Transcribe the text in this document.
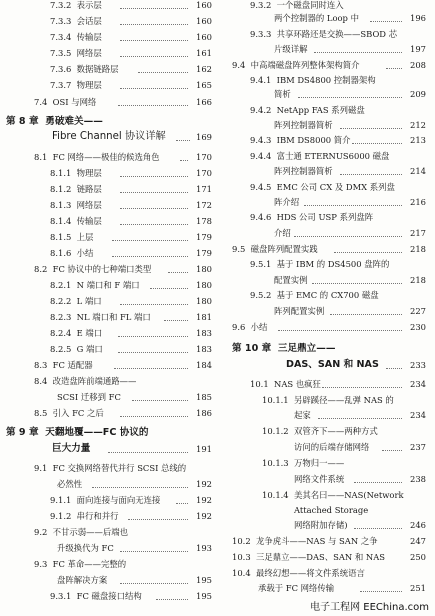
7.3.2 表示层	160
7.3.3 会话层	160
7.3.4 传输层	160
7.3.5 网络层	161
7.3.6 数据链路层	162
7.3.7 物理层	165
7.4 OSI 与网络	166
第 8 章 勇破难关——
Fibre Channel 协议详解	169
8.1 FC 网络——极佳的候选角色	170
8.1.1 物理层	170
8.1.2 链路层	171
8.1.3 网络层	172
8.1.4 传输层	178
8.1.5 上层	179
8.1.6 小结	179
8.2 FC 协议中的七种端口类型	180
8.2.1 N 端口和 F 端口	180
8.2.2 L 端口	180
8.2.3 NL 端口和 FL 端口	181
8.2.4 E 端口	183
8.2.5 G 端口	183
8.3 FC 适配器	184
8.4 改造盘阵前端通路——
SCSI 迁移到 FC	185
8.5 引入 FC 之后	186
第 9 章 天翻地覆——FC 协议的
巨大力量	191
9.1 FC 交换网络替代并行 SCSI 总线的
必然性	192
9.1.1 面向连接与面向无连接	192
9.1.2 串行和并行	192
9.2 不甘示弱——后端也
升级换代为 FC	193
9.3 FC 革命——完整的
盘阵解决方案	195
9.3.1 FC 磁盘接口结构	195
9.3.2 一个磁盘同时连入
两个控制器的 Loop 中	196
9.3.3 共享环路还是交换——SBOD 芯
片级详解	197
9.4 中高端磁盘阵列整体架构简介	208
9.4.1 IBM DS4800 控制器架构
简析	209
9.4.2 NetApp FAS 系列磁盘
阵列控制器简析	212
9.4.3 IBM DS8000 简介	213
9.4.4 富士通 ETERNUS6000 磁盘
阵列控制器简析	214
9.4.5 EMC 公司 CX 及 DMX 系列盘
阵介绍	216
9.4.6 HDS 公司 USP 系列盘阵
介绍	217
9.5 磁盘阵列配置实践	218
9.5.1 基于 IBM 的 DS4500 盘阵的
配置实例	218
9.5.2 基于 EMC 的 CX700 磁盘
阵列配置实例	227
9.6 小结	230
第 10 章 三足鼎立——
DAS、SAN 和 NAS	233
10.1 NAS 也疯狂	234
10.1.1 另辟蹊径——乱弹 NAS 的
起家	234
10.1.2 双管齐下——两种方式
访问的后端存储网络	237
10.1.3 万物归一——
网络文件系统	238
10.1.4 美其名曰——NAS(Network
Attached Storage
网络附加存储)	246
10.2 龙争虎斗——NAS 与 SAN 之争	247
10.3 三足鼎立——DAS、SAN 和 NAS	250
10.4 最终幻想——将文件系统语言
承载于 FC 网络传输	251
电子工程网 EEChina.com
